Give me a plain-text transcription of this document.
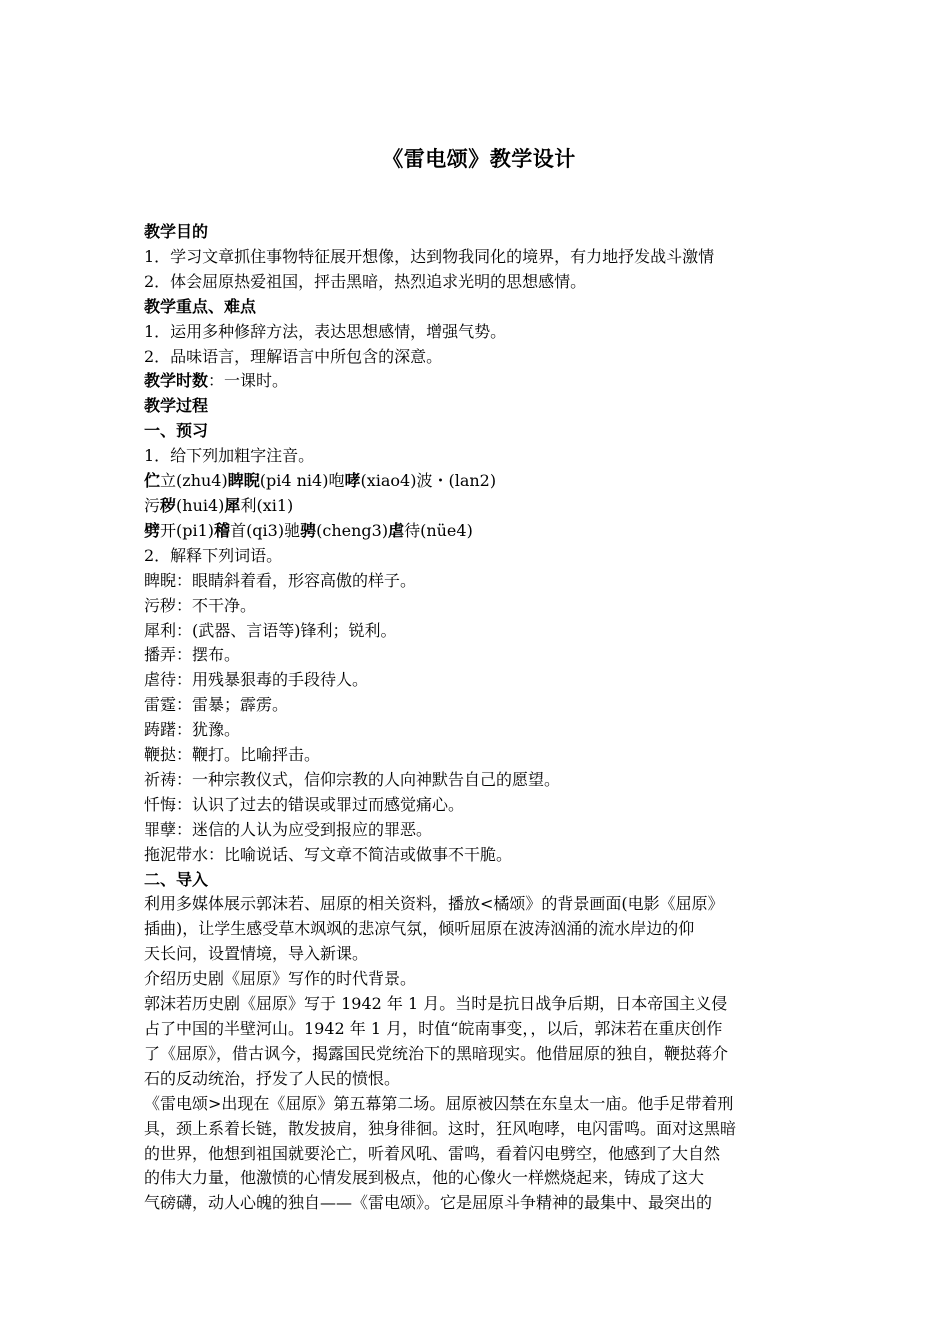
《雷电颂》教学设计
教学目的
1．学习文章抓住事物特征展开想像，达到物我同化的境界，有力地抒发战斗激情
2．体会屈原热爱祖国，抨击黑暗，热烈追求光明的思想感情。
教学重点、难点
1．运用多种修辞方法，表达思想感情，增强气势。
2．品味语言，理解语言中所包含的深意。
教学时数：一课时。
教学过程
一、预习
1．给下列加粗字注音。
伫立(zhu4)睥睨(pi4 ni4)咆哮(xiao4)波・(lan2)
污秽(hui4)犀利(xi1)
劈开(pi1)稽首(qi3)驰骋(cheng3)虐待(nüe4)
2．解释下列词语。
睥睨：眼睛斜着看，形容高傲的样子。
污秽：不干净。
犀利：(武器、言语等)锋利；锐利。
播弄：摆布。
虐待：用残暴狠毒的手段待人。
雷霆：雷暴；霹雳。
踌躇：犹豫。
鞭挞：鞭打。比喻抨击。
祈祷：一种宗教仪式，信仰宗教的人向神默告自己的愿望。
忏悔：认识了过去的错误或罪过而感觉痛心。
罪孽：迷信的人认为应受到报应的罪恶。
拖泥带水：比喻说话、写文章不简洁或做事不干脆。
二、导入
利用多媒体展示郭沫若、屈原的相关资料，播放<橘颂》的背景画面(电影《屈原》
插曲)，让学生感受草木飒飒的悲凉气氛，倾听屈原在波涛汹涌的流水岸边的仰
天长问，设置情境，导入新课。
介绍历史剧《屈原》写作的时代背景。
郭沫若历史剧《屈原》写于 1942 年 1 月。当时是抗日战争后期，日本帝国主义侵
占了中国的半壁河山。1942 年 1 月，时值“皖南事变，，以后，郭沫若在重庆创作
了《屈原》，借古讽今，揭露国民党统治下的黑暗现实。他借屈原的独自，鞭挞蒋介
石的反动统治，抒发了人民的愤恨。
《雷电颂>出现在《屈原》第五幕第二场。屈原被囚禁在东皇太一庙。他手足带着刑
具，颈上系着长链，散发披肩，独身徘徊。这时，狂风咆哮，电闪雷鸣。面对这黑暗
的世界，他想到祖国就要沦亡，听着风吼、雷鸣，看着闪电劈空，他感到了大自然
的伟大力量，他激愤的心情发展到极点，他的心像火一样燃烧起来，铸成了这大
气磅礴，动人心魄的独自——《雷电颂》。它是屈原斗争精神的最集中、最突出的
